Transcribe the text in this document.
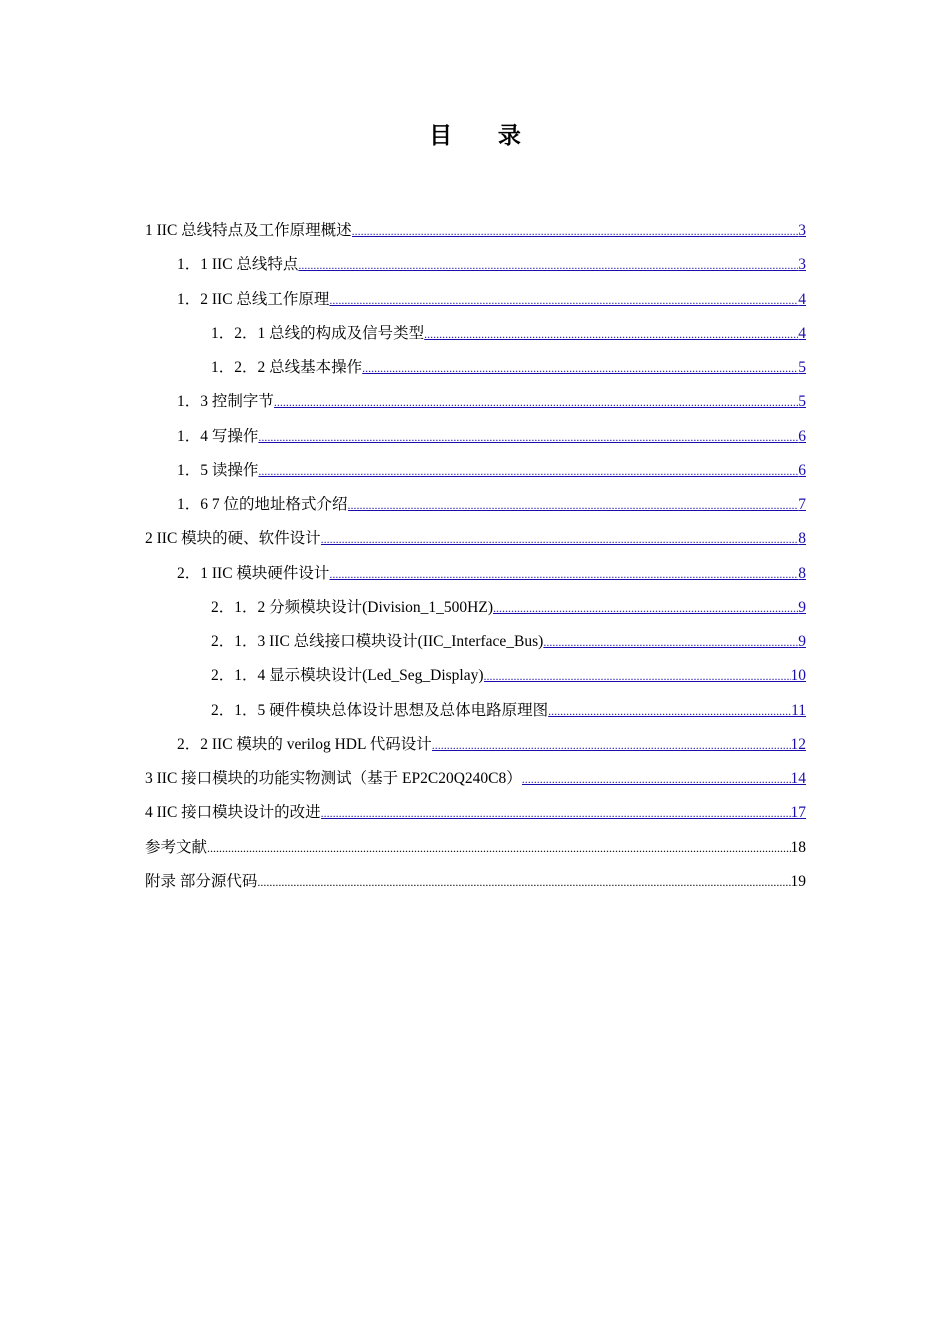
目 录
1 IIC 总线特点及工作原理概述 .....	3
1．1 IIC 总线特点 .....	3
1．2 IIC 总线工作原理 .....	4
1．2．1 总线的构成及信号类型 .....	4
1．2．2 总线基本操作 .....	5
1．3 控制字节 .....	5
1．4 写操作 .....	6
1．5 读操作 .....	6
1．6 7 位的地址格式介绍 .....	7
2 IIC 模块的硬、软件设计 .....	8
2．1 IIC 模块硬件设计 .....	8
2．1．2 分频模块设计(Division_1_500HZ) .....	9
2．1．3 IIC 总线接口模块设计(IIC_Interface_Bus) .....	9
2．1．4 显示模块设计(Led_Seg_Display) .....	10
2．1．5 硬件模块总体设计思想及总体电路原理图 .....	11
2．2 IIC 模块的 verilog HDL 代码设计 .....	12
3 IIC 接口模块的功能实物测试（基于 EP2C20Q240C8） .....	14
4 IIC 接口模块设计的改进 .....	17
参考文献 .....	18
附录 部分源代码 .....	19
